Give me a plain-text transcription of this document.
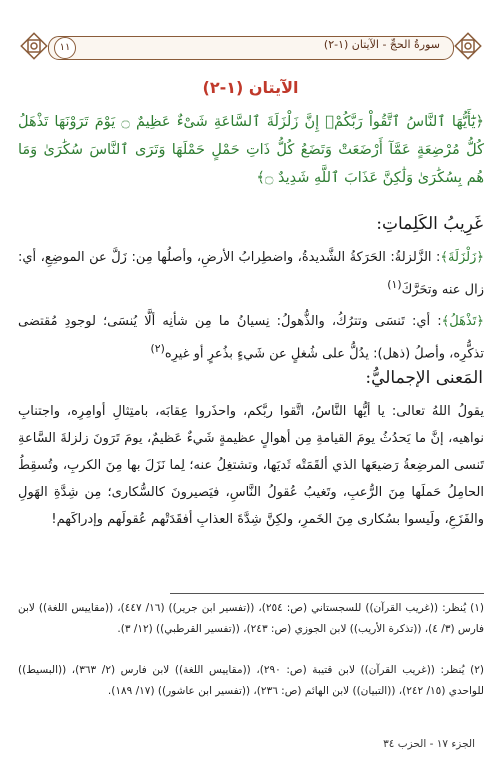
١١	سورةُ الحجِّ - الآيتان (١-٢)
الآيتان (١-٢)
﴿يَٰٓأَيُّهَا ٱلنَّاسُ ٱتَّقُواْ رَبَّكُمْۚ إِنَّ زَلْزَلَةَ ٱلسَّاعَةِ شَىْءٌ عَظِيمٌ ۝ يَوْمَ تَرَوْنَهَا تَذْهَلُ كُلُّ مُرْضِعَةٍ عَمَّآ أَرْضَعَتْ وَتَضَعُ كُلُّ ذَاتِ حَمْلٍ حَمْلَهَا وَتَرَى ٱلنَّاسَ سُكَٰرَىٰ وَمَا هُم بِسُكَٰرَىٰ وَلَٰكِنَّ عَذَابَ ٱللَّهِ شَدِيدٌ ۝﴾
غَرِيبُ الكَلِماتِ:
﴿زَلْزَلَةَ﴾: الزَّلزلةُ: الحَرَكةُ الشَّديدةُ، واضطِرابُ الأرضِ، وأصلُها مِن: زَلَّ عن الموضِعِ، أي: زال عنه وتحَرَّكَ$^{(١)}$
﴿تَذْهَلُ﴾: أي: تَنسَى وتترُكُ، والذُّهولُ: نِسيانُ ما مِن شأنِه ألَّا يُنسَى؛ لوجودِ مُقتضى تذكُّرِه، وأصلُ (ذهل): يدُلُّ على شُغلٍ عن شَيءٍ بذُعرٍ أو غيرِه$^{(٢)}$
المَعنى الإجماليُّ:
يقولُ اللهُ تعالى: يا أيُّها النَّاسُ، اتَّقوا ربَّكم، واحذَروا عِقابَه، بامتِثالِ أوامِرِه، واجتنابِ نواهيه، إنَّ ما يَحدُثُ يومَ القيامةِ مِن أهوالٍ عظيمةٍ شَيءٌ عَظيمٌ، يومَ تَرَونَ زلزلةَ السَّاعةِ تَنسى المرضِعةُ رَضيعَها الذي ألقَمَتْه ثَديَها، وتشتغِلُ عنه؛ لِما نَزَلَ بها مِنَ الكربِ، وتُسقِطُ الحامِلُ حَملَها مِنَ الرُّعبِ، وتَغيبُ عُقولُ النَّاسِ، فيَصيرونَ كالسُّكارى؛ مِن شِدَّةِ الهَولِ والفَزَعِ، ولَيسوا بسُكارى مِنَ الخَمرِ، ولكِنَّ شِدَّةَ العذابِ أفقَدَتْهم عُقولَهم وإدراكَهم!
(١) يُنظر: ((غريب القرآن)) للسجستاني (ص: ٢٥٤)، ((تفسير ابن جرير)) (١٦/ ٤٤٧)، ((مقاييس اللغة)) لابن فارس (٣/ ٤)، ((تذكرة الأريب)) لابن الجوزي (ص: ٢٤٣)، ((تفسير القرطبي)) (١٢/ ٣).
(٢) يُنظر: ((غريب القرآن)) لابن قتيبة (ص: ٢٩٠)، ((مقاييس اللغة)) لابن فارس (٢/ ٣٦٣)، ((البسيط)) للواحدي (١٥/ ٢٤٢)، ((التبيان)) لابن الهائم (ص: ٢٣٦)، ((تفسير ابن عاشور)) (١٧/ ١٨٩).
الجزء ١٧ - الحزب ٣٤
